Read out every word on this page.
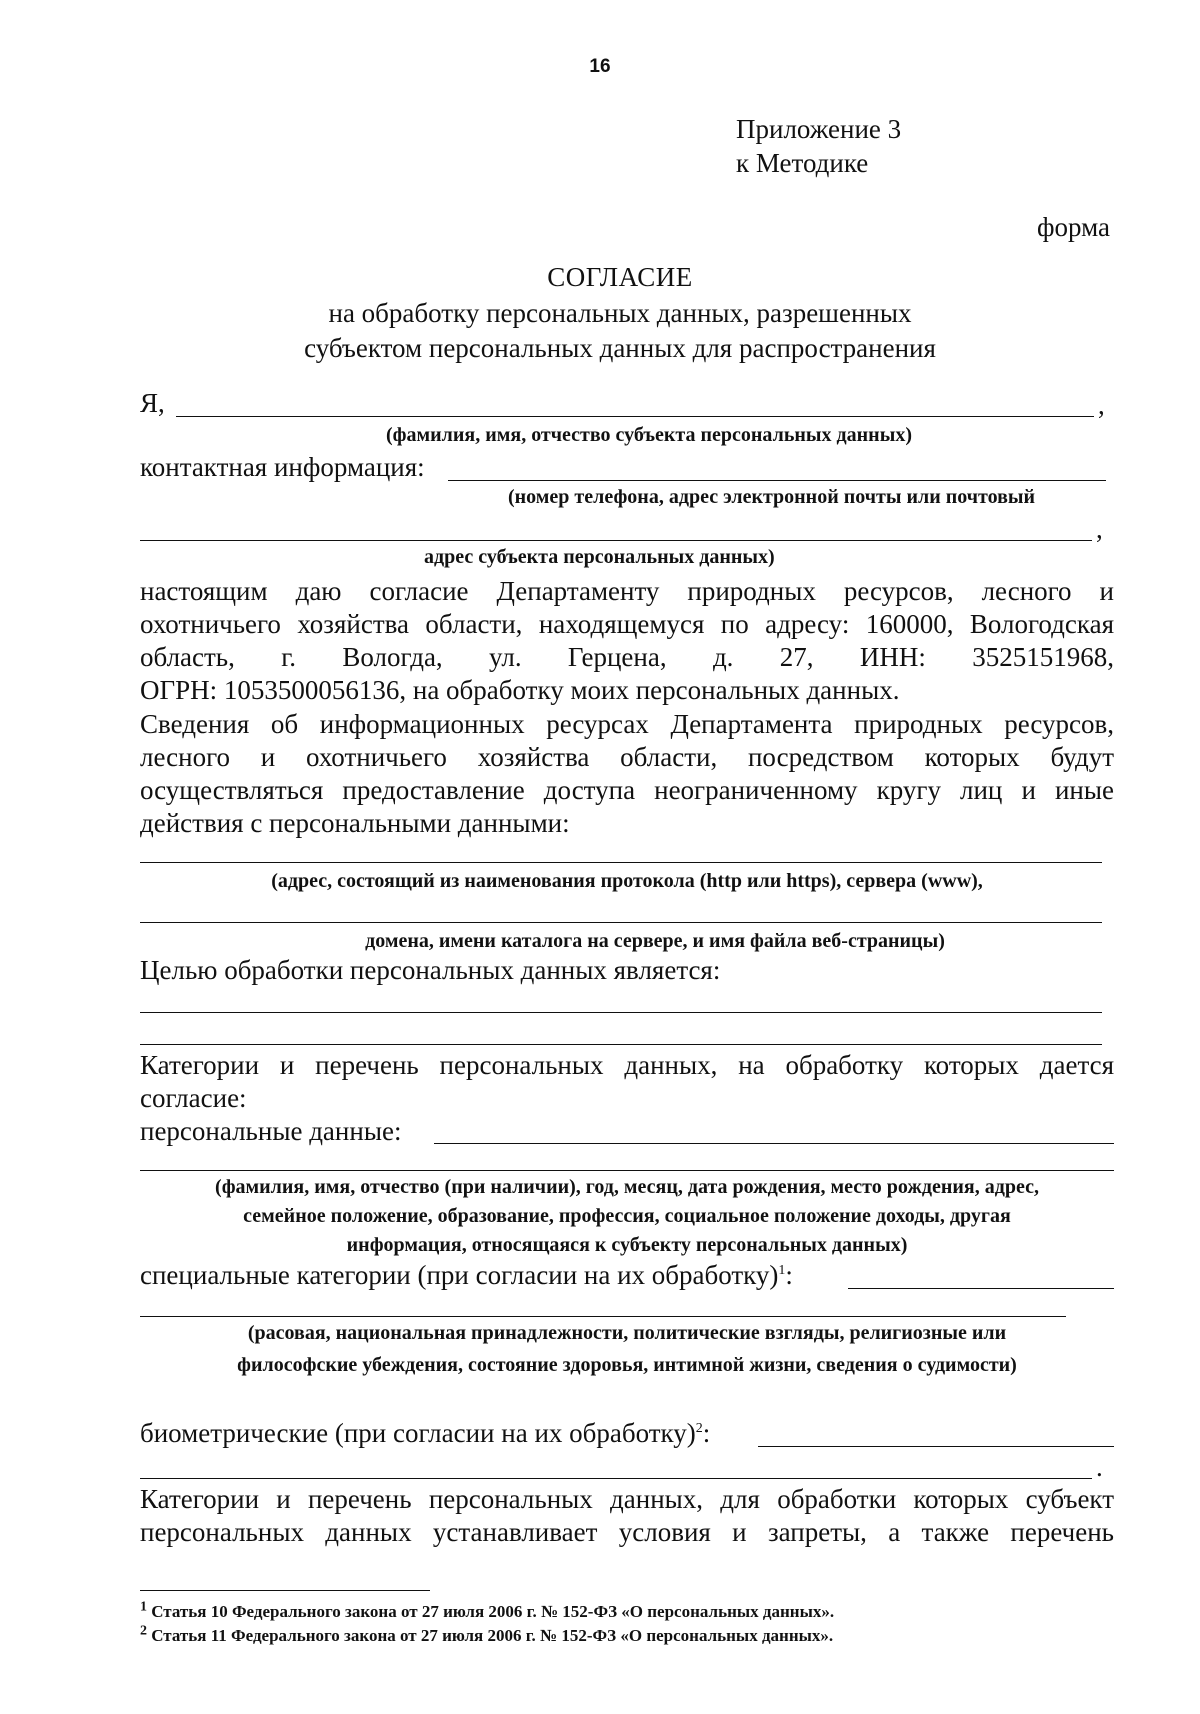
16
Приложение 3
к Методике
форма
СОГЛАСИЕ
на обработку персональных данных, разрешенных
субъектом персональных данных для распространения
Я,	,
(фамилия, имя, отчество субъекта персональных данных)
контактная информация:
(номер телефона, адрес электронной почты или почтовый
,
адрес субъекта персональных данных)
настоящим даю согласие Департаменту природных ресурсов, лесного и
охотничьего хозяйства области, находящемуся по адресу: 160000, Вологодская
область, г. Вологда, ул. Герцена, д. 27, ИНН: 3525151968,
ОГРН: 1053500056136, на обработку моих персональных данных.
Сведения об информационных ресурсах Департамента природных ресурсов,
лесного и охотничьего хозяйства области, посредством которых будут
осуществляться предоставление доступа неограниченному кругу лиц и иные
действия с персональными данными:
(адрес, состоящий из наименования протокола (http или https), сервера (www),
домена, имени каталога на сервере, и имя файла веб-страницы)
Целью обработки персональных данных является:
Категории и перечень персональных данных, на обработку которых дается
согласие:
персональные данные:
(фамилия, имя, отчество (при наличии), год, месяц, дата рождения, место рождения, адрес,
семейное положение, образование, профессия, социальное положение доходы, другая
информация, относящаяся к субъекту персональных данных)
специальные категории (при согласии на их обработку)$^1$:
(расовая, национальная принадлежности, политические взгляды, религиозные или
философские убеждения, состояние здоровья, интимной жизни, сведения о судимости)
биометрические (при согласии на их обработку)$^2$:
.
Категории и перечень персональных данных, для обработки которых субъект
персональных данных устанавливает условия и запреты, а также перечень
$^1$ Статья 10 Федерального закона от 27 июля 2006 г. № 152-ФЗ «О персональных данных».
$^2$ Статья 11 Федерального закона от 27 июля 2006 г. № 152-ФЗ «О персональных данных».
